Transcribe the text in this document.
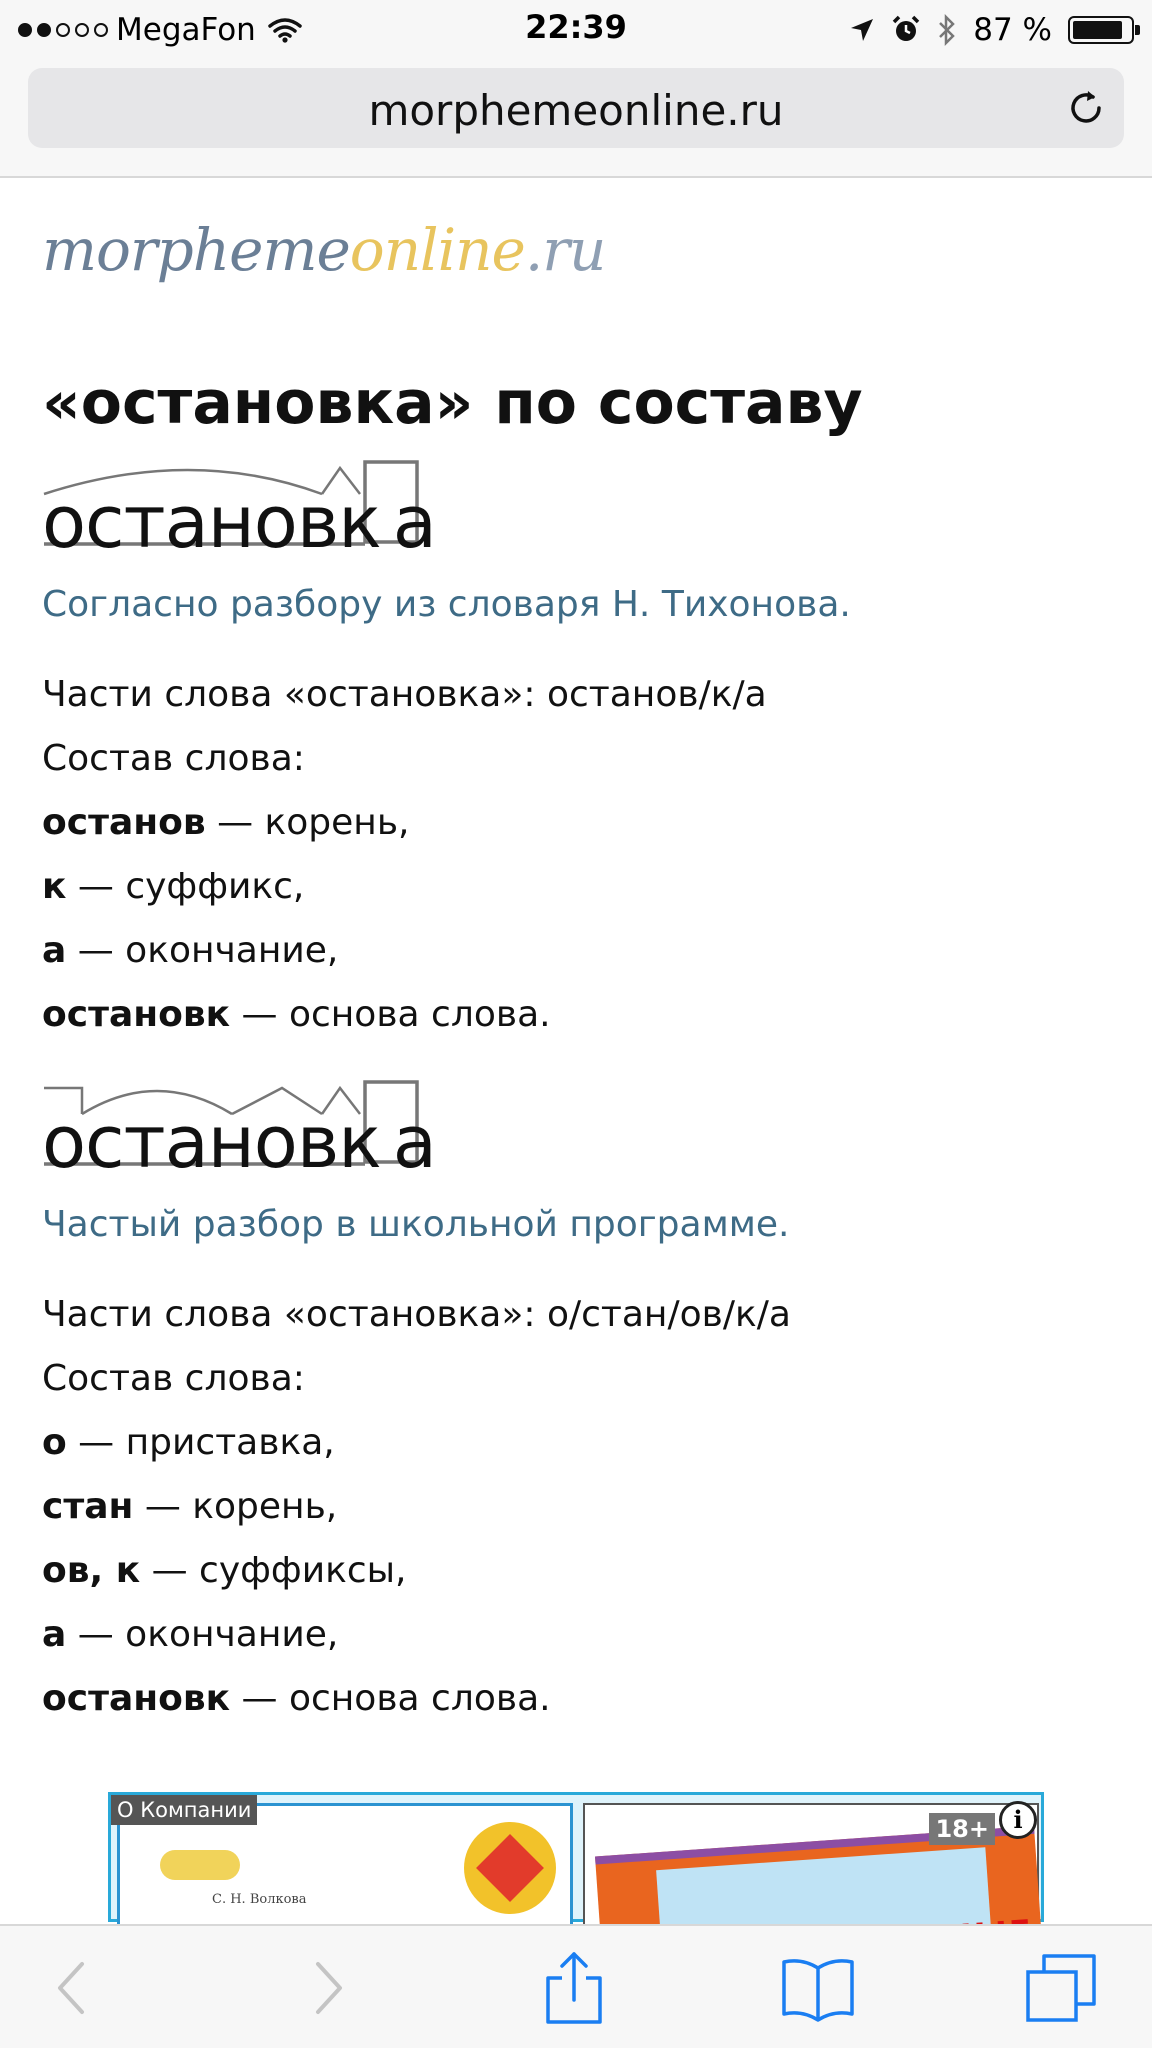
MegaFon	22:39	87 %
morphemeonline.ru
morphemeonline.ru
«остановка» по составу
остановк а
Согласно разбору из словаря Н. Тихонова.
Части слова «остановка»: останов/к/а
Состав слова:
останов — корень,
к — суффикс,
а — окончание,
остановк — основа слова.
остановк а
Частый разбор в школьной программе.
Части слова «остановка»: о/стан/ов/к/а
Состав слова:
о — приставка,
стан — корень,
ов, к — суффиксы,
а — окончание,
остановк — основа слова.
С. Н. Волкова
18+
О Компании	i
